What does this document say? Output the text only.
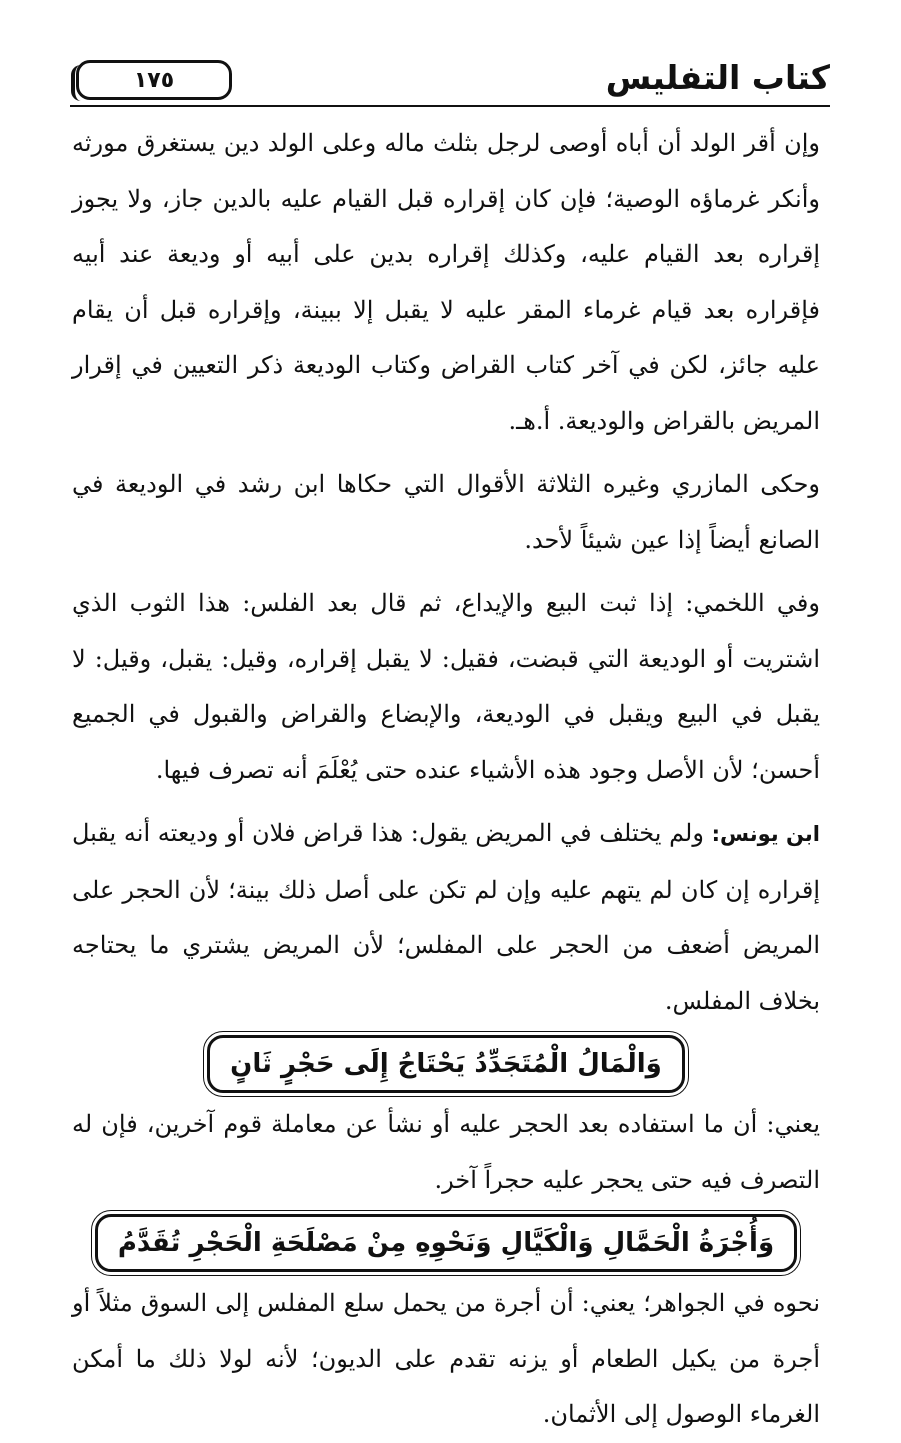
كتاب التفليس
١٧٥

وإن أقر الولد أن أباه أوصى لرجل بثلث ماله وعلى الولد دين يستغرق مورثه وأنكر غرماؤه الوصية؛ فإن كان إقراره قبل القيام عليه بالدين جاز، ولا يجوز إقراره بعد القيام عليه، وكذلك إقراره بدين على أبيه أو وديعة عند أبيه فإقراره بعد قيام غرماء المقر عليه لا يقبل إلا ببينة، وإقراره قبل أن يقام عليه جائز، لكن في آخر كتاب القراض وكتاب الوديعة ذكر التعيين في إقرار المريض بالقراض والوديعة. أ.هـ.

وحكى المازري وغيره الثلاثة الأقوال التي حكاها ابن رشد في الوديعة في الصانع أيضاً إذا عين شيئاً لأحد.

وفي اللخمي: إذا ثبت البيع والإيداع، ثم قال بعد الفلس: هذا الثوب الذي اشتريت أو الوديعة التي قبضت، فقيل: لا يقبل إقراره، وقيل: يقبل، وقيل: لا يقبل في البيع ويقبل في الوديعة، والإبضاع والقراض والقبول في الجميع أحسن؛ لأن الأصل وجود هذه الأشياء عنده حتى يُعْلَمَ أنه تصرف فيها.

ابن يونس: ولم يختلف في المريض يقول: هذا قراض فلان أو وديعته أنه يقبل إقراره إن كان لم يتهم عليه وإن لم تكن على أصل ذلك بينة؛ لأن الحجر على المريض أضعف من الحجر على المفلس؛ لأن المريض يشتري ما يحتاجه بخلاف المفلس.

وَالْمَالُ الْمُتَجَدِّدُ يَحْتَاجُ إِلَى حَجْرٍ ثَانٍ

يعني: أن ما استفاده بعد الحجر عليه أو نشأ عن معاملة قوم آخرين، فإن له التصرف فيه حتى يحجر عليه حجراً آخر.

وَأُجْرَةُ الْحَمَّالِ وَالْكَيَّالِ وَنَحْوِهِ مِنْ مَصْلَحَةِ الْحَجْرِ تُقَدَّمُ

نحوه في الجواهر؛ يعني: أن أجرة من يحمل سلع المفلس إلى السوق مثلاً أو أجرة من يكيل الطعام أو يزنه تقدم على الديون؛ لأنه لولا ذلك ما أمكن الغرماء الوصول إلى الأثمان.
